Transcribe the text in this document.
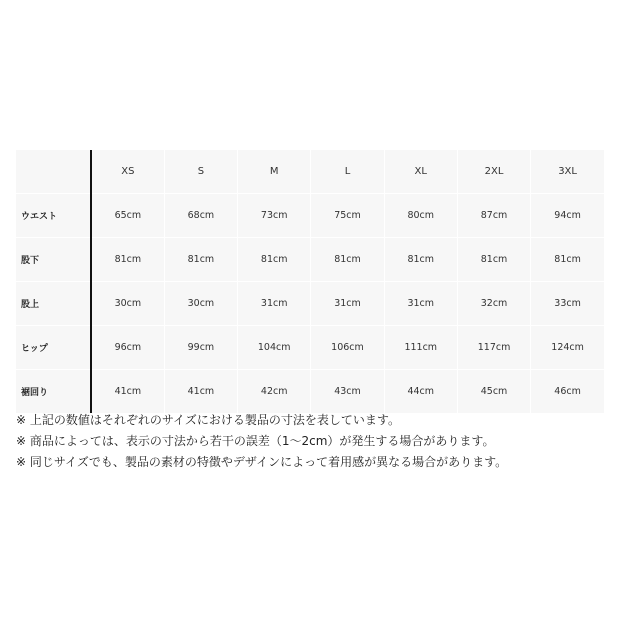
	XS	S	M	L	XL	2XL	3XL
ウエスト	65cm	68cm	73cm	75cm	80cm	87cm	94cm
股下	81cm	81cm	81cm	81cm	81cm	81cm	81cm
股上	30cm	30cm	31cm	31cm	31cm	32cm	33cm
ヒップ	96cm	99cm	104cm	106cm	111cm	117cm	124cm
裾回り	41cm	41cm	42cm	43cm	44cm	45cm	46cm
※ 上記の数値はそれぞれのサイズにおける製品の寸法を表しています。
※ 商品によっては、表示の寸法から若干の誤差（1〜2cm）が発生する場合があります。
※ 同じサイズでも、製品の素材の特徴やデザインによって着用感が異なる場合があります。
